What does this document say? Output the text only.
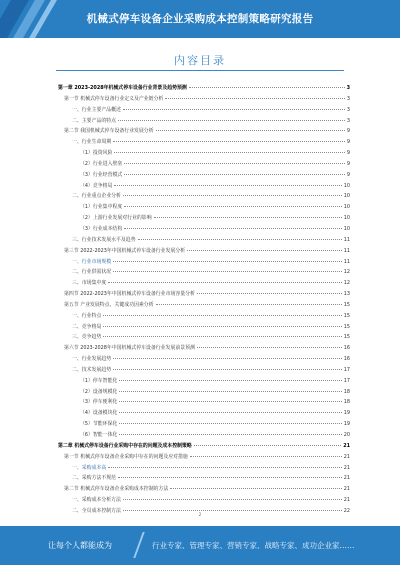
机械式停车设备企业采购成本控制策略研究报告
内容目录
第一章 2023-2028年机械式停车设备行业背景及趋势预测	3
第一节 机械式停车设备行业定义及产业链分析	3
一、行业主要产品概述	3
二、主要产品的特点	3
第二节 我国机械式停车设备行业发展分析	9
一、行业生命周期	9
（1）投资风险	9
（2）行业进入壁垒	9
（3）行业经营模式	9
（4）竞争格局	10
二、行业重点企业分析	10
（1）行业集中程度	10
（2）上游行业发展对行业的影响	10
（3）行业成本结构	10
三、行业技术发展水平及趋势	11
第三节 2022-2023年中国机械式停车设备行业发展分析	11
一、行业市场规模	11
二、行业供需状况	12
三、市场集中度	12
第四节 2022-2023年中国机械式停车设备行业市场容量分析	13
第五节 产业发展特点、关键成功因素分析	15
一、行业特点	15
二、竞争格局	15
三、竞争趋势	15
第六节 2023-2028年中国机械式停车设备行业发展前景预测	16
一、行业发展趋势	16
二、技术发展趋势	17
（1）停车智能化	17
（2）设备规模化	18
（3）停车便利化	18
（4）设备模块化	19
（5）节能环保化	19
（6）智能一体化	20
第二章 机械式停车设备行业采购中存在的问题及成本控制策略	21
第一节 机械式停车设备企业采购中存在的问题及应对措施	21
一、采购成本高	21
二、采购方法不规范	21
第二节 机械式停车设备企业采购成本控制的方法	21
一、采购成本分析方法	21
二、全员成本控制方法	22
2
让每个人都能成为	行业专家、管理专家、营销专家、战略专家、成功企业家……
